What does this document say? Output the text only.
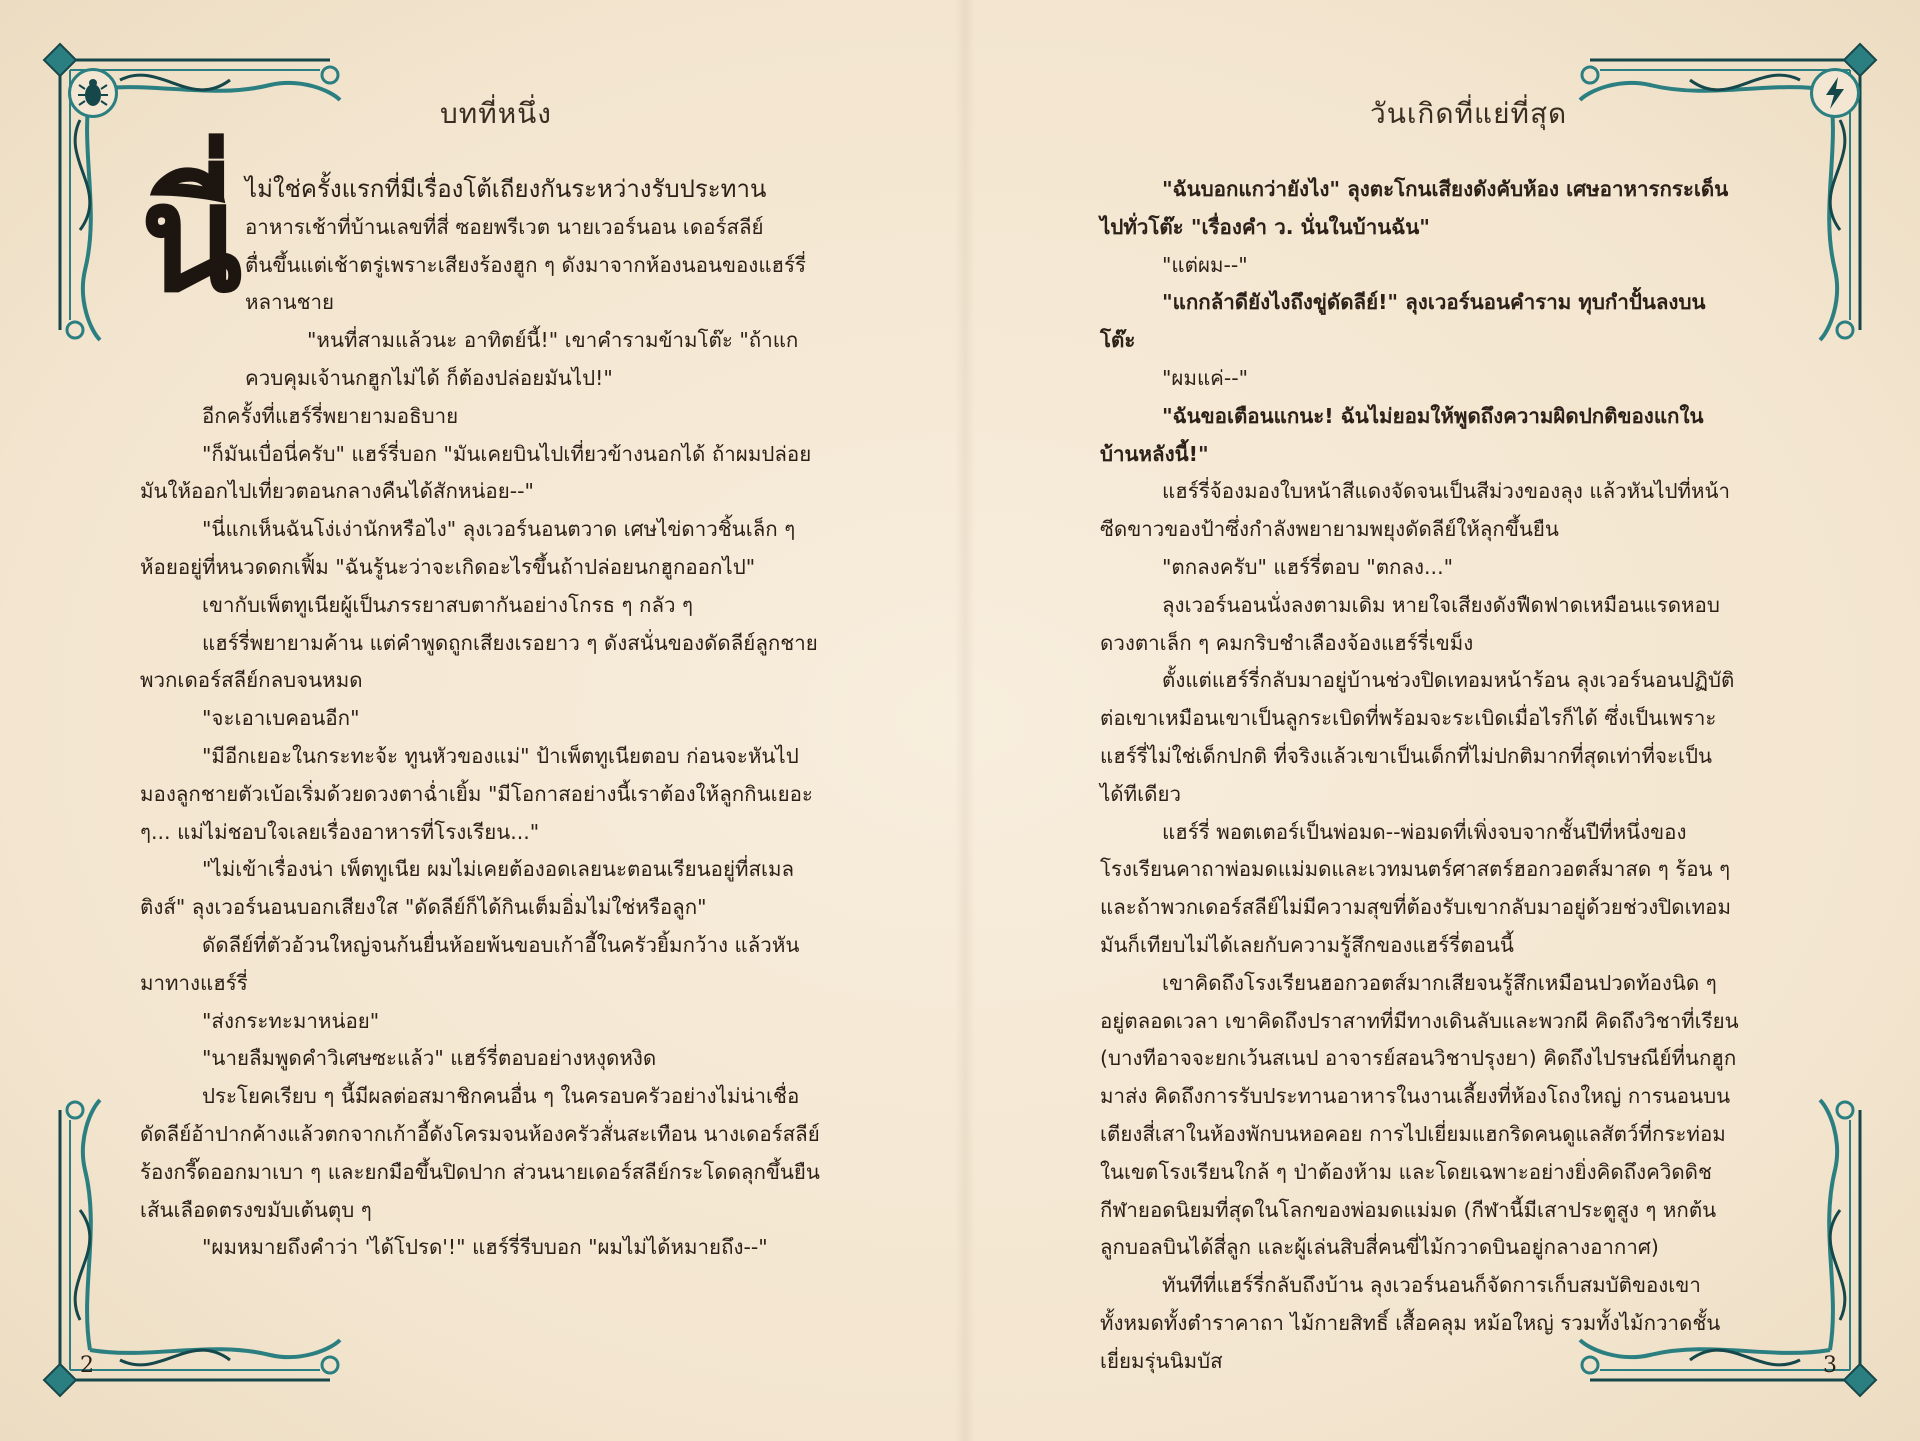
บทที่หนึ่ง
นี่ ไม่ใช่ครั้งแรกที่มีเรื่องโต้เถียงกันระหว่างรับประทาน

อาหารเช้าที่บ้านเลขที่สี่ ซอยพรีเวต นายเวอร์นอน เดอร์สลีย์

ตื่นขึ้นแต่เช้าตรู่เพราะเสียงร้องฮูก ๆ ดังมาจากห้องนอนของแฮร์รี่

หลานชาย

"หนที่สามแล้วนะ อาทิตย์นี้!" เขาคำรามข้ามโต๊ะ "ถ้าแก

ควบคุมเจ้านกฮูกไม่ได้ ก็ต้องปล่อยมันไป!"

อีกครั้งที่แฮร์รี่พยายามอธิบาย

"ก็มันเบื่อนี่ครับ" แฮร์รี่บอก "มันเคยบินไปเที่ยวข้างนอกได้ ถ้าผมปล่อยมันให้ออกไปเที่ยวตอนกลางคืนได้สักหน่อย--"

"นี่แกเห็นฉันโง่เง่านักหรือไง" ลุงเวอร์นอนตวาด เศษไข่ดาวชิ้นเล็ก ๆ ห้อยอยู่ที่หนวดดกเฟิ้ม "ฉันรู้นะว่าจะเกิดอะไรขึ้นถ้าปล่อยนกฮูกออกไป"

เขากับเพ็ตทูเนียผู้เป็นภรรยาสบตากันอย่างโกรธ ๆ กลัว ๆ

แฮร์รี่พยายามค้าน แต่คำพูดถูกเสียงเรอยาว ๆ ดังสนั่นของดัดลีย์ลูกชายพวกเดอร์สลีย์กลบจนหมด

"จะเอาเบคอนอีก"

"มีอีกเยอะในกระทะจ้ะ ทูนหัวของแม่" ป้าเพ็ตทูเนียตอบ ก่อนจะหันไปมองลูกชายตัวเบ้อเริ่มด้วยดวงตาฉ่ำเยิ้ม "มีโอกาสอย่างนี้เราต้องให้ลูกกินเยอะ ๆ... แม่ไม่ชอบใจเลยเรื่องอาหารที่โรงเรียน..."

"ไม่เข้าเรื่องน่า เพ็ตทูเนีย ผมไม่เคยต้องอดเลยนะตอนเรียนอยู่ที่สเมลติงส์" ลุงเวอร์นอนบอกเสียงใส "ดัดลีย์ก็ได้กินเต็มอิ่มไม่ใช่หรือลูก"

ดัดลีย์ที่ตัวอ้วนใหญ่จนก้นยื่นห้อยพ้นขอบเก้าอี้ในครัวยิ้มกว้าง แล้วหันมาทางแฮร์รี่

"ส่งกระทะมาหน่อย"

"นายลืมพูดคำวิเศษซะแล้ว" แฮร์รี่ตอบอย่างหงุดหงิด

ประโยคเรียบ ๆ นี้มีผลต่อสมาชิกคนอื่น ๆ ในครอบครัวอย่างไม่น่าเชื่อ ดัดลีย์อ้าปากค้างแล้วตกจากเก้าอี้ดังโครมจนห้องครัวสั่นสะเทือน นางเดอร์สลีย์ร้องกรี๊ดออกมาเบา ๆ และยกมือขึ้นปิดปาก ส่วนนายเดอร์สลีย์กระโดดลุกขึ้นยืน เส้นเลือดตรงขมับเต้นตุบ ๆ

"ผมหมายถึงคำว่า 'ได้โปรด'!" แฮร์รี่รีบบอก "ผมไม่ได้หมายถึง--"

2
วันเกิดที่แย่ที่สุด

"ฉันบอกแกว่ายังไง" ลุงตะโกนเสียงดังคับห้อง เศษอาหารกระเด็นไปทั่วโต๊ะ "เรื่องคำ ว. นั่นในบ้านฉัน"

"แต่ผม--"

"แกกล้าดียังไงถึงขู่ดัดลีย์!" ลุงเวอร์นอนคำราม ทุบกำปั้นลงบนโต๊ะ

"ผมแค่--"

"ฉันขอเตือนแกนะ! ฉันไม่ยอมให้พูดถึงความผิดปกติของแกในบ้านหลังนี้!"

แฮร์รี่จ้องมองใบหน้าสีแดงจัดจนเป็นสีม่วงของลุง แล้วหันไปที่หน้าซีดขาวของป้าซึ่งกำลังพยายามพยุงดัดลีย์ให้ลุกขึ้นยืน

"ตกลงครับ" แฮร์รี่ตอบ "ตกลง..."

ลุงเวอร์นอนนั่งลงตามเดิม หายใจเสียงดังฟืดฟาดเหมือนแรดหอบ ดวงตาเล็ก ๆ คมกริบชำเลืองจ้องแฮร์รี่เขม็ง

ตั้งแต่แฮร์รี่กลับมาอยู่บ้านช่วงปิดเทอมหน้าร้อน ลุงเวอร์นอนปฏิบัติต่อเขาเหมือนเขาเป็นลูกระเบิดที่พร้อมจะระเบิดเมื่อไรก็ได้ ซึ่งเป็นเพราะแฮร์รี่ไม่ใช่เด็กปกติ ที่จริงแล้วเขาเป็นเด็กที่ไม่ปกติมากที่สุดเท่าที่จะเป็นได้ทีเดียว

แฮร์รี่ พอตเตอร์เป็นพ่อมด--พ่อมดที่เพิ่งจบจากชั้นปีที่หนึ่งของโรงเรียนคาถาพ่อมดแม่มดและเวทมนตร์ศาสตร์ฮอกวอตส์มาสด ๆ ร้อน ๆ และถ้าพวกเดอร์สลีย์ไม่มีความสุขที่ต้องรับเขากลับมาอยู่ด้วยช่วงปิดเทอม มันก็เทียบไม่ได้เลยกับความรู้สึกของแฮร์รี่ตอนนี้

เขาคิดถึงโรงเรียนฮอกวอตส์มากเสียจนรู้สึกเหมือนปวดท้องนิด ๆ อยู่ตลอดเวลา เขาคิดถึงปราสาทที่มีทางเดินลับและพวกผี คิดถึงวิชาที่เรียน (บางทีอาจจะยกเว้นสเนป อาจารย์สอนวิชาปรุงยา) คิดถึงไปรษณีย์ที่นกฮูกมาส่ง คิดถึงการรับประทานอาหารในงานเลี้ยงที่ห้องโถงใหญ่ การนอนบนเตียงสี่เสาในห้องพักบนหอคอย การไปเยี่ยมแฮกริดคนดูแลสัตว์ที่กระท่อมในเขตโรงเรียนใกล้ ๆ ป่าต้องห้าม และโดยเฉพาะอย่างยิ่งคิดถึงควิดดิช กีฬายอดนิยมที่สุดในโลกของพ่อมดแม่มด (กีฬานี้มีเสาประตูสูง ๆ หกต้น ลูกบอลบินได้สี่ลูก และผู้เล่นสิบสี่คนขี่ไม้กวาดบินอยู่กลางอากาศ)

ทันทีที่แฮร์รี่กลับถึงบ้าน ลุงเวอร์นอนก็จัดการเก็บสมบัติของเขาทั้งหมดทั้งตำราคาถา ไม้กายสิทธิ์ เสื้อคลุม หม้อใหญ่ รวมทั้งไม้กวาดชั้นเยี่ยมรุ่นนิมบัส	3
